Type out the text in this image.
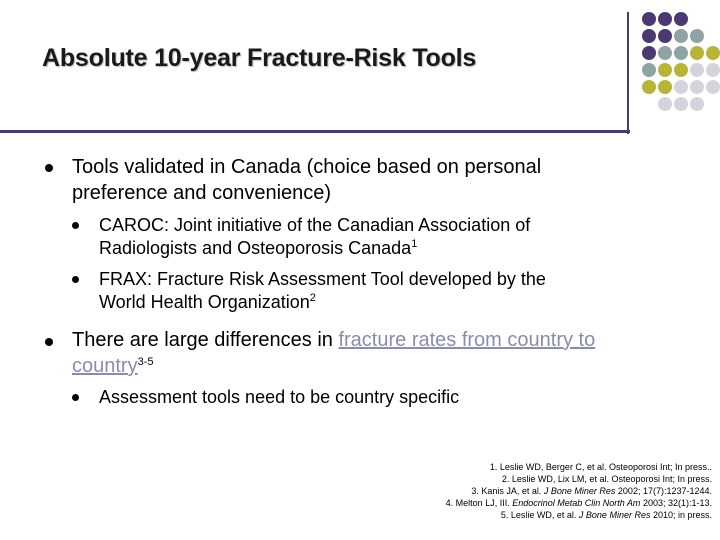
Absolute 10-year Fracture-Risk Tools
Tools validated in Canada (choice based on personal
preference and convenience)
CAROC: Joint initiative of the Canadian Association of
Radiologists and Osteoporosis Canada$^1$
FRAX: Fracture Risk Assessment Tool developed by the
World Health Organization$^2$
There are large differences in fracture rates from country to
country$^{3-5}$
Assessment tools need to be country specific
1. Leslie WD, Berger C, et al. Osteoporosi Int; In press..
2. Leslie WD, Lix LM, et al. Osteoporosi Int; In press.
3. Kanis JA, et al. J Bone Miner Res 2002; 17(7):1237-1244.
4. Melton LJ, III. Endocrinol Metab Clin North Am 2003; 32(1):1-13.
5. Leslie WD, et al. J Bone Miner Res 2010; in press.
